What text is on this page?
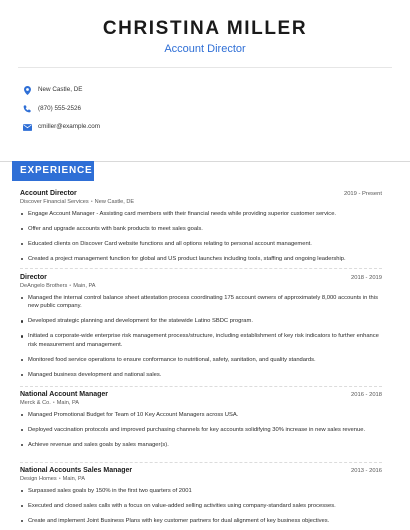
CHRISTINA MILLER
Account Director
New Castle, DE
(870) 555-2526
cmiller@example.com
EXPERIENCE
Account Director	2019 - Present
Discover Financial Services • New Castle, DE
Engage Account Manager - Assisting card members with their financial needs while providing superior customer service.
Offer and upgrade accounts with bank products to meet sales goals.
Educated clients on Discover Card website functions and all options relating to personal account management.
Created a project management function for global and US product launches including tools, staffing and ongoing leadership.
Director	2018 - 2019
DeAngelo Brothers • Main, PA
Managed the internal control balance sheet attestation process coordinating 175 account owners of approximately 8,000 accounts in this new public company.
Developed strategic planning and development for the statewide Latino SBDC program.
Initiated a corporate-wide enterprise risk management process/structure, including establishment of key risk indicators to further enhance risk measurement and management.
Monitored food service operations to ensure conformance to nutritional, safety, sanitation, and quality standards.
Managed business development and national sales.
National Account Manager	2016 - 2018
Merck & Co. • Main, PA
Managed Promotional Budget for Team of 10 Key Account Managers across USA.
Deployed vaccination protocols and improved purchasing channels for key accounts solidifying 30% increase in new sales revenue.
Achieve revenue and sales goals by sales manager(s).
National Accounts Sales Manager	2013 - 2016
Design Homes • Main, PA
Surpassed sales goals by 150% in the first two quarters of 2001
Executed and closed sales calls with a focus on value-added selling activities using company-standard sales processes.
Create and implement Joint Business Plans with key customer partners for dual alignment of key business objectives.
